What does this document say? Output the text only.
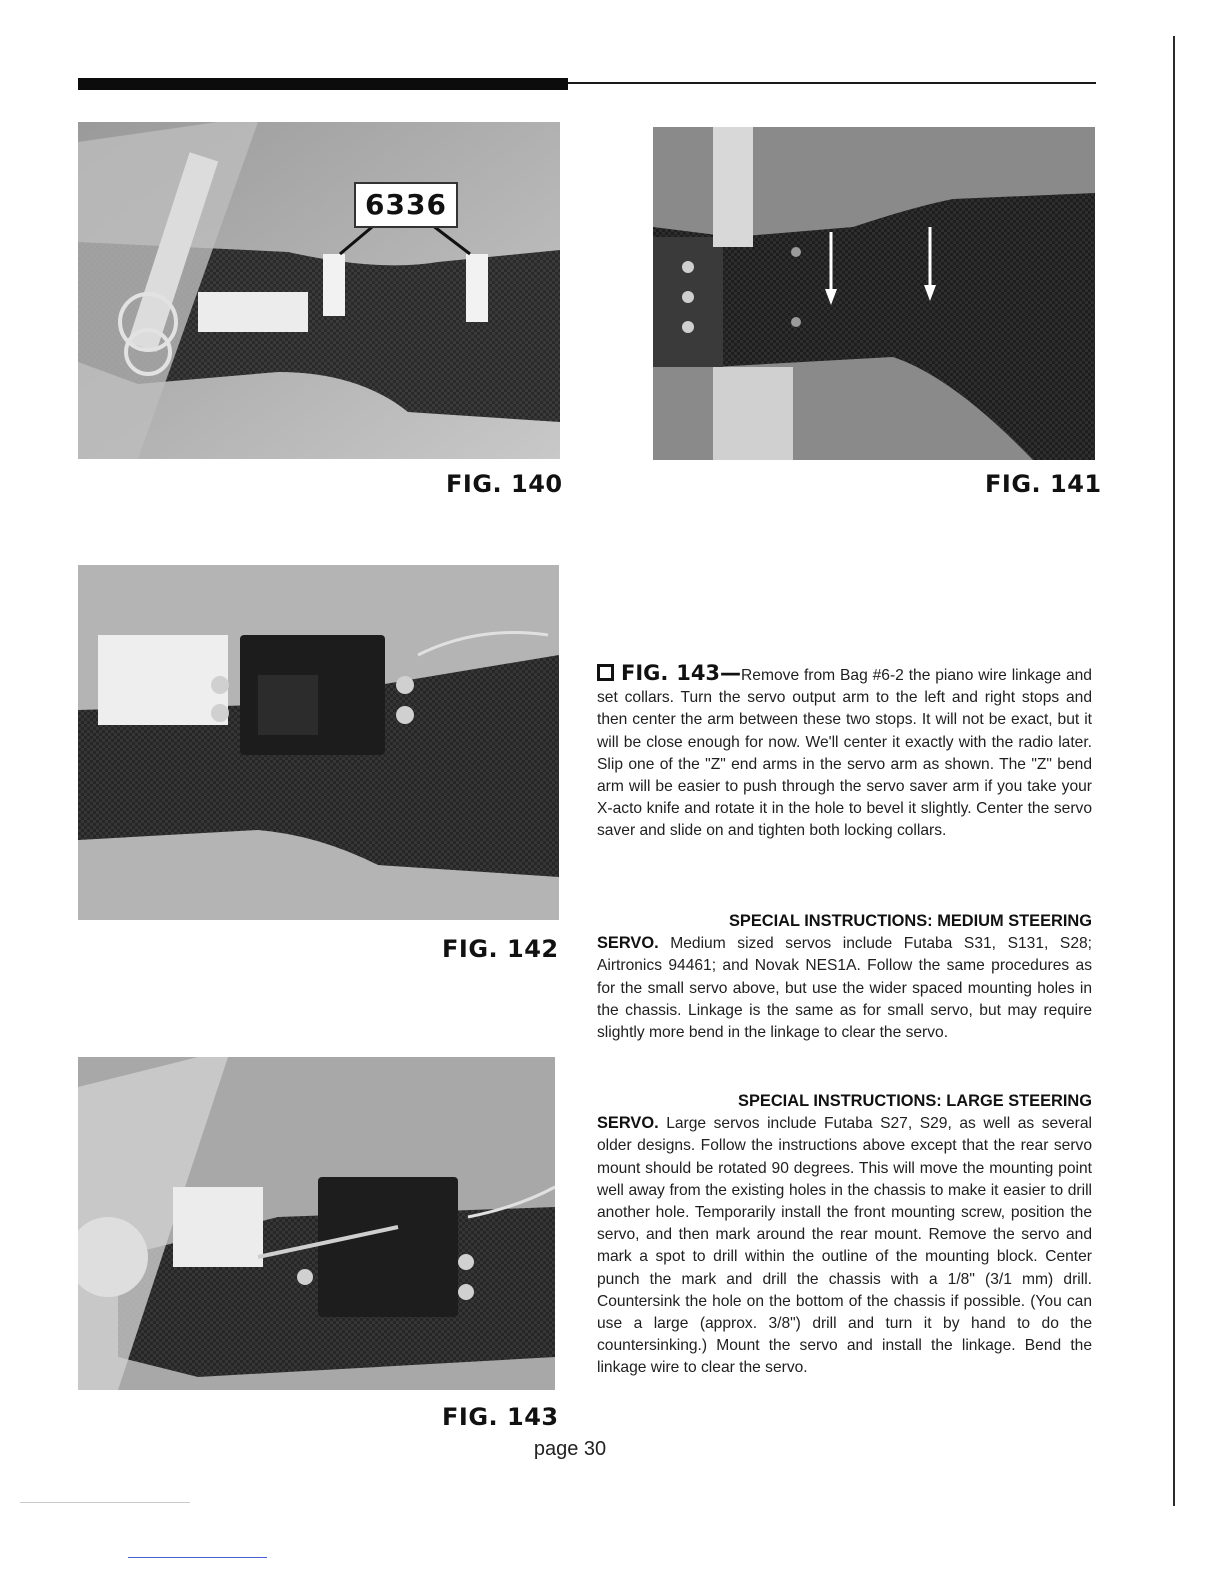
6336
FIG. 140	FIG. 141
FIG. 142
FIG. 143

FIG. 143—Remove from Bag #6-2 the piano wire linkage and set collars. Turn the servo output arm to the left and right stops and then center the arm between these two stops. It will not be exact, but it will be close enough for now. We'll center it exactly with the radio later. Slip one of the "Z" end arms in the servo arm as shown. The "Z" bend arm will be easier to push through the servo saver arm if you take your X-acto knife and rotate it in the hole to bevel it slightly. Center the servo saver and slide on and tighten both locking collars.

SPECIAL INSTRUCTIONS: MEDIUM STEERING

SERVO. Medium sized servos include Futaba S31, S131, S28; Airtronics 94461; and Novak NES1A. Follow the same procedures as for the small servo above, but use the wider spaced mounting holes in the chassis. Linkage is the same as for small servo, but may require slightly more bend in the linkage to clear the servo.

SPECIAL INSTRUCTIONS: LARGE STEERING

SERVO. Large servos include Futaba S27, S29, as well as several older designs. Follow the instructions above except that the rear servo mount should be rotated 90 degrees. This will move the mounting point well away from the existing holes in the chassis to make it easier to drill another hole. Temporarily install the front mounting screw, position the servo, and then mark around the rear mount. Remove the servo and mark a spot to drill within the outline of the mounting block. Center punch the mark and drill the chassis with a 1/8" (3/1 mm) drill. Countersink the hole on the bottom of the chassis if possible. (You can use a large (approx. 3/8") drill and turn it by hand to do the countersinking.) Mount the servo and install the linkage. Bend the linkage wire to clear the servo.

page 30
